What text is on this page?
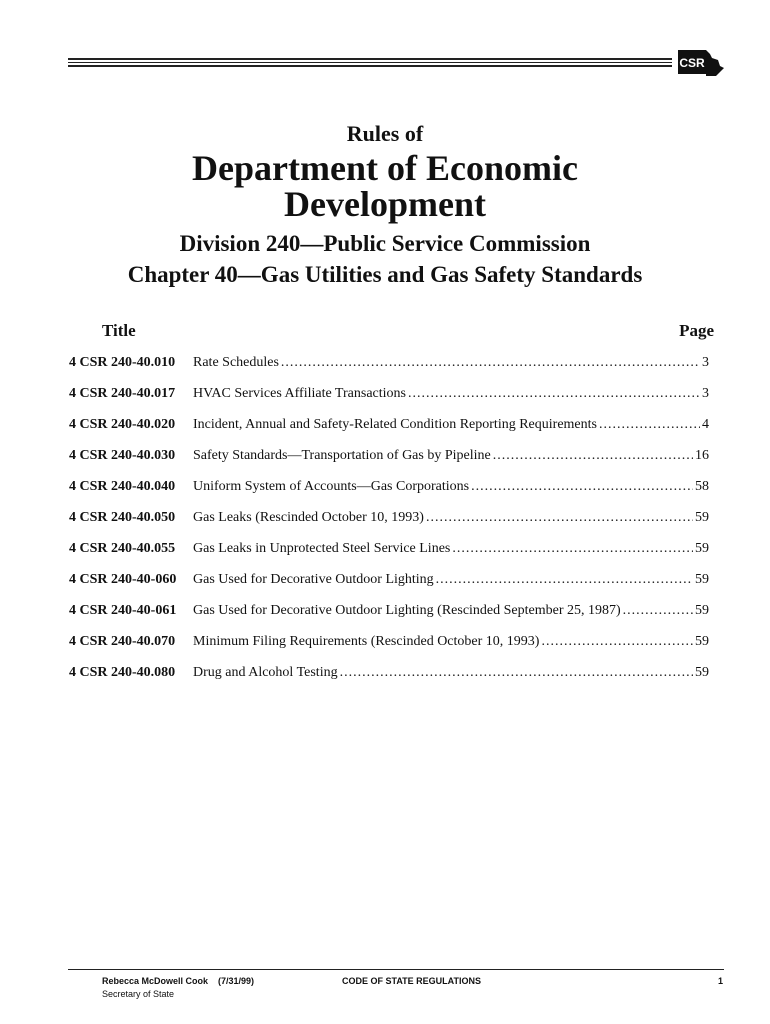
CSR
Rules of
Department of Economic
Development
Division 240—Public Service Commission
Chapter 40—Gas Utilities and Gas Safety Standards
Title	Page
4 CSR 240-40.010	Rate Schedules .....	3
4 CSR 240-40.017	HVAC Services Affiliate Transactions .....	3
4 CSR 240-40.020	Incident, Annual and Safety-Related Condition Reporting Requirements .....	4
4 CSR 240-40.030	Safety Standards—Transportation of Gas by Pipeline .....	16
4 CSR 240-40.040	Uniform System of Accounts—Gas Corporations .....	58
4 CSR 240-40.050	Gas Leaks (Rescinded October 10, 1993) .....	59
4 CSR 240-40.055	Gas Leaks in Unprotected Steel Service Lines .....	59
4 CSR 240-40-060	Gas Used for Decorative Outdoor Lighting .....	59
4 CSR 240-40-061	Gas Used for Decorative Outdoor Lighting (Rescinded September 25, 1987) .....	59
4 CSR 240-40.070	Minimum Filing Requirements (Rescinded October 10, 1993) .....	59
4 CSR 240-40.080	Drug and Alcohol Testing .....	59
Rebecca McDowell Cook    (7/31/99)
Secretary of State
CODE OF STATE REGULATIONS	1
